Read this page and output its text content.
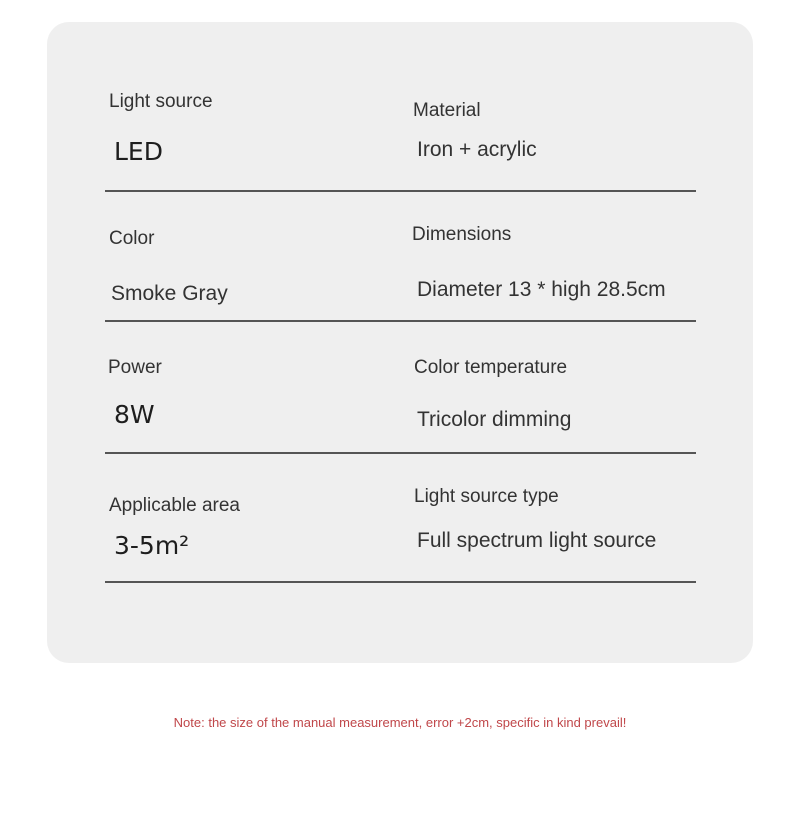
Light source
LED
Material
Iron + acrylic
Color
Smoke Gray
Dimensions
Diameter 13 * high 28.5cm
Power
8W
Color temperature
Tricolor dimming
Applicable area
3-5m²
Light source type
Full spectrum light source
Note: the size of the manual measurement, error +2cm, specific in kind prevail!
